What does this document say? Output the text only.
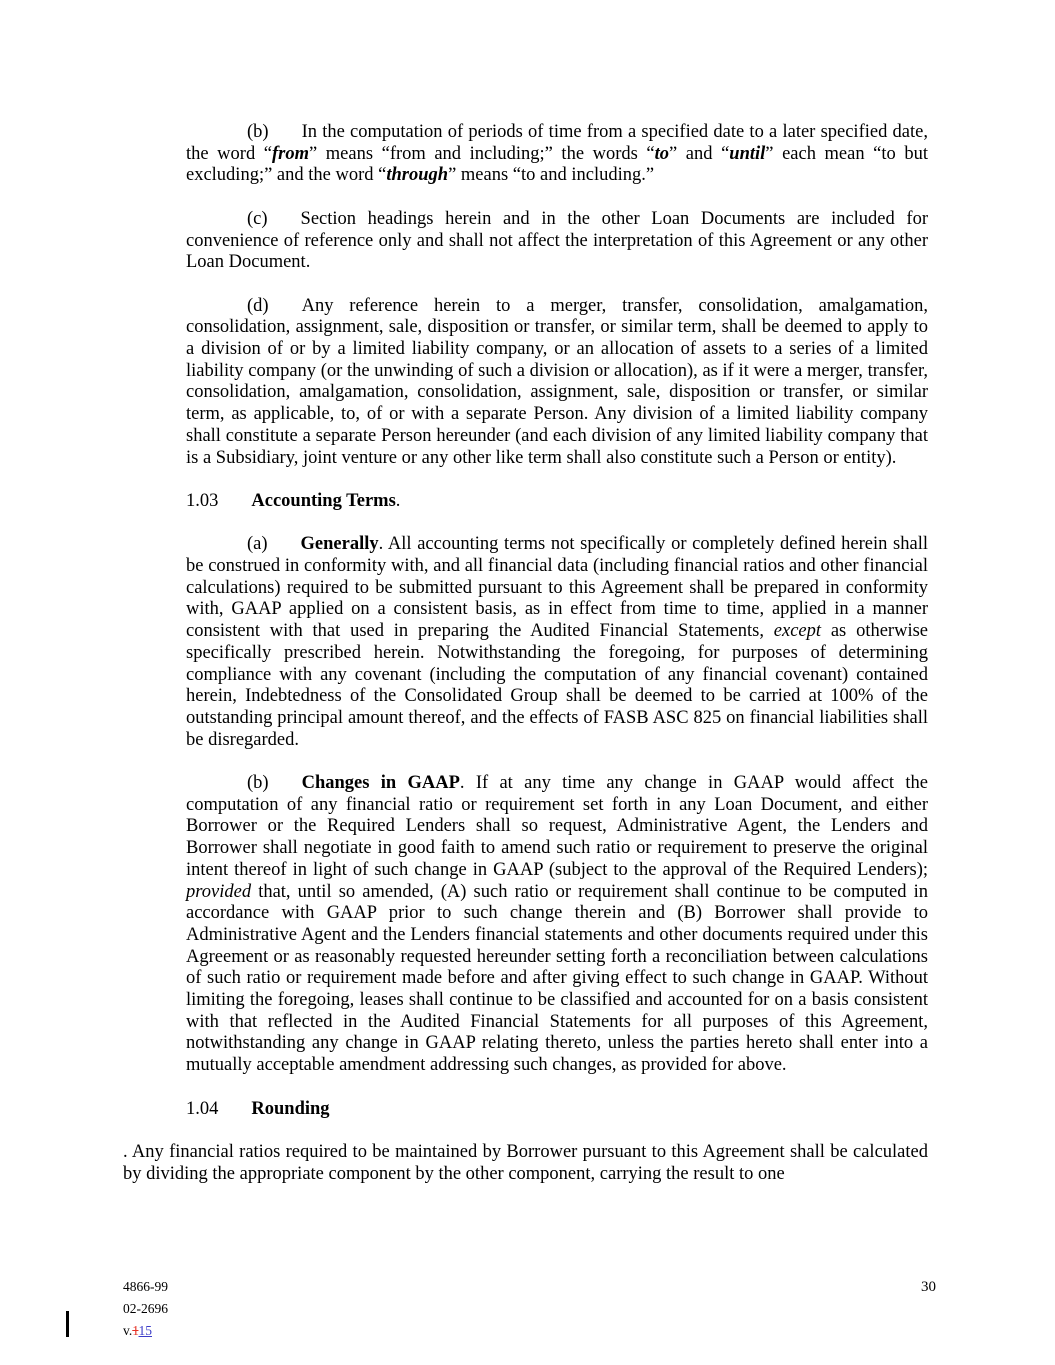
(b) In the computation of periods of time from a specified date to a later specified date, the word “from” means “from and including;” the words “to” and “until” each mean “to but excluding;” and the word “through” means “to and including.”

(c) Section headings herein and in the other Loan Documents are included for convenience of reference only and shall not affect the interpretation of this Agreement or any other Loan Document.

(d) Any reference herein to a merger, transfer, consolidation, amalgamation, consolidation, assignment, sale, disposition or transfer, or similar term, shall be deemed to apply to a division of or by a limited liability company, or an allocation of assets to a series of a limited liability company (or the unwinding of such a division or allocation), as if it were a merger, transfer, consolidation, amalgamation, consolidation, assignment, sale, disposition or transfer, or similar term, as applicable, to, of or with a separate Person. Any division of a limited liability company shall constitute a separate Person hereunder (and each division of any limited liability company that is a Subsidiary, joint venture or any other like term shall also constitute such a Person or entity).

1.03 Accounting Terms.

(a) Generally. All accounting terms not specifically or completely defined herein shall be construed in conformity with, and all financial data (including financial ratios and other financial calculations) required to be submitted pursuant to this Agreement shall be prepared in conformity with, GAAP applied on a consistent basis, as in effect from time to time, applied in a manner consistent with that used in preparing the Audited Financial Statements, except as otherwise specifically prescribed herein. Notwithstanding the foregoing, for purposes of determining compliance with any covenant (including the computation of any financial covenant) contained herein, Indebtedness of the Consolidated Group shall be deemed to be carried at 100% of the outstanding principal amount thereof, and the effects of FASB ASC 825 on financial liabilities shall be disregarded.

(b) Changes in GAAP. If at any time any change in GAAP would affect the computation of any financial ratio or requirement set forth in any Loan Document, and either Borrower or the Required Lenders shall so request, Administrative Agent, the Lenders and Borrower shall negotiate in good faith to amend such ratio or requirement to preserve the original intent thereof in light of such change in GAAP (subject to the approval of the Required Lenders); provided that, until so amended, (A) such ratio or requirement shall continue to be computed in accordance with GAAP prior to such change therein and (B) Borrower shall provide to Administrative Agent and the Lenders financial statements and other documents required under this Agreement or as reasonably requested hereunder setting forth a reconciliation between calculations of such ratio or requirement made before and after giving effect to such change in GAAP. Without limiting the foregoing, leases shall continue to be classified and accounted for on a basis consistent with that reflected in the Audited Financial Statements for all purposes of this Agreement, notwithstanding any change in GAAP relating thereto, unless the parties hereto shall enter into a mutually acceptable amendment addressing such changes, as provided for above.

1.04 Rounding

. Any financial ratios required to be maintained by Borrower pursuant to this Agreement shall be calculated by dividing the appropriate component by the other component, carrying the result to one

4866-99
02-2696
v.115
30
